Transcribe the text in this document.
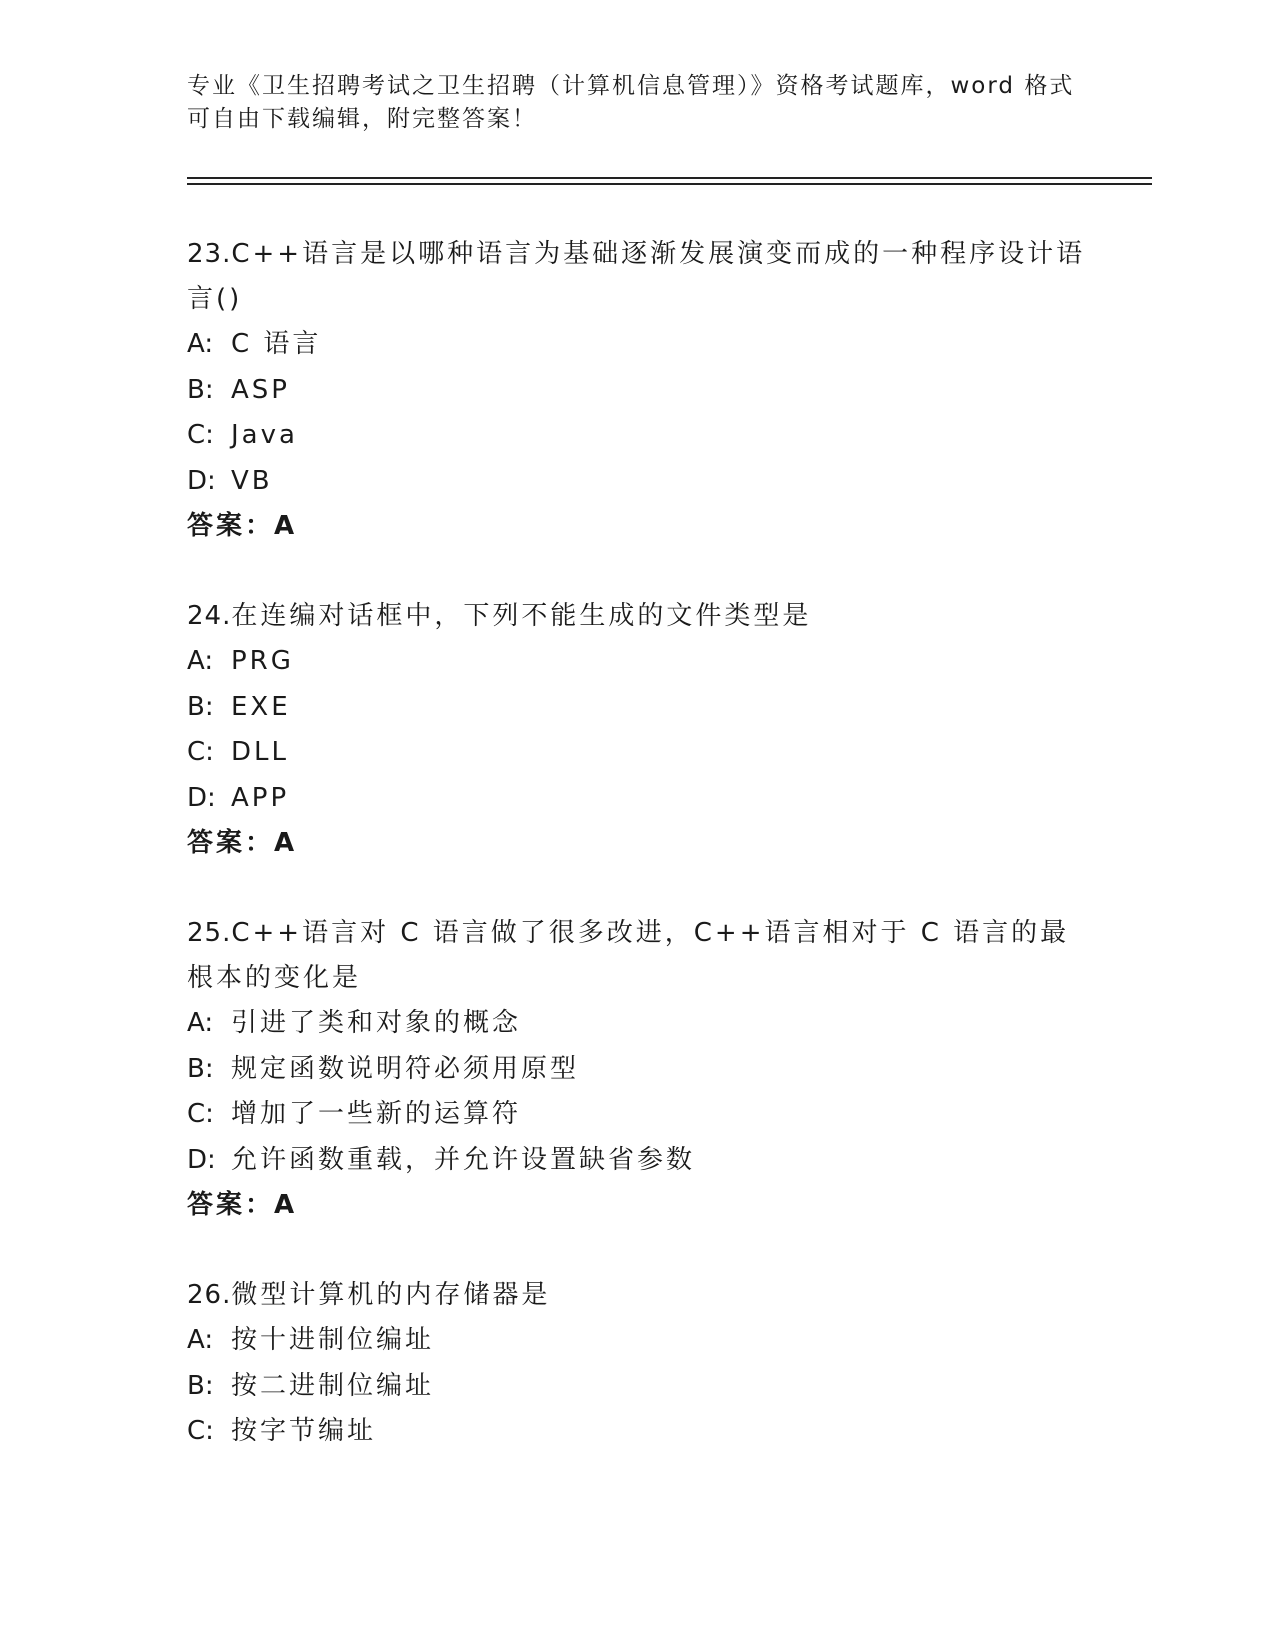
专业《卫生招聘考试之卫生招聘（计算机信息管理）》资格考试题库，word 格式
可自由下载编辑，附完整答案！

23.C++语言是以哪种语言为基础逐渐发展演变而成的一种程序设计语言()

A: C 语言
B: ASP
C: Java
D: VB
答案：A

24.在连编对话框中，下列不能生成的文件类型是

A: PRG
B: EXE
C: DLL
D: APP
答案：A

25.C++语言对 C 语言做了很多改进，C++语言相对于 C 语言的最根本的变化是

A: 引进了类和对象的概念
B: 规定函数说明符必须用原型
C: 增加了一些新的运算符
D: 允许函数重载，并允许设置缺省参数
答案：A

26.微型计算机的内存储器是

A: 按十进制位编址
B: 按二进制位编址
C: 按字节编址
